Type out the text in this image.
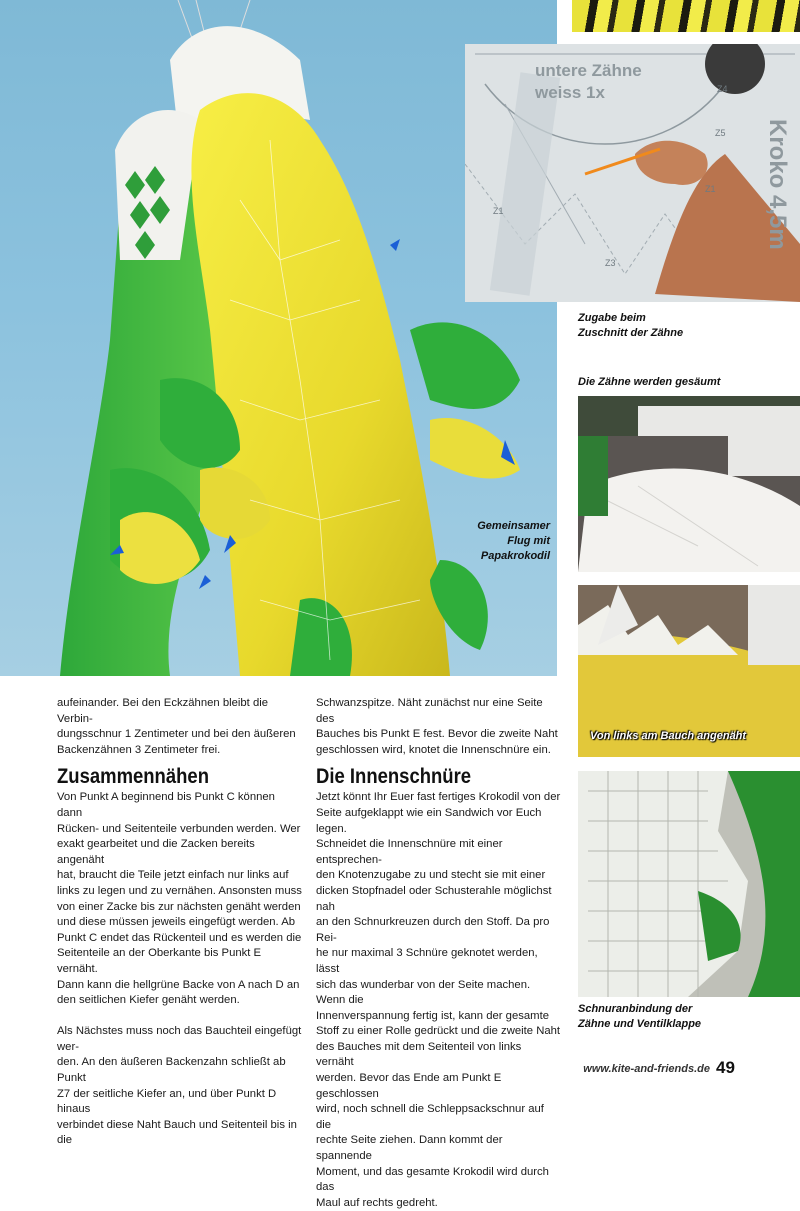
untere Zähne
weiss 1x
Kroko 4,5m
Z4
Z1
Z1
Z3
Z5
Zugabe beim
Zuschnitt der Zähne
Die Zähne werden gesäumt
Gemeinsamer
Flug mit
Papakrokodil
Von links am Bauch angenäht
Schnuranbindung der
Zähne und Ventilklappe

aufeinander. Bei den Eckzähnen bleibt die Verbin-
dungsschnur 1 Zentimeter und bei den äußeren
Backenzähnen 3 Zentimeter frei.

Zusammennähen

Von Punkt A beginnend bis Punkt C können dann
Rücken- und Seitenteile verbunden werden. Wer
exakt gearbeitet und die Zacken bereits angenäht
hat, braucht die Teile jetzt einfach nur links auf
links zu legen und zu vernähen. Ansonsten muss
von einer Zacke bis zur nächsten genäht werden
und diese müssen jeweils eingefügt werden. Ab
Punkt C endet das Rückenteil und es werden die
Seitenteile an der Oberkante bis Punkt E vernäht.
Dann kann die hellgrüne Backe von A nach D an
den seitlichen Kiefer genäht werden.

Als Nächstes muss noch das Bauchteil eingefügt wer-
den. An den äußeren Backenzahn schließt ab Punkt
Z7 der seitliche Kiefer an, und über Punkt D hinaus
verbindet diese Naht Bauch und Seitenteil bis in die

Schwanzspitze. Näht zunächst nur eine Seite des
Bauches bis Punkt E fest. Bevor die zweite Naht
geschlossen wird, knotet die Innenschnüre ein.

Die Innenschnüre

Jetzt könnt Ihr Euer fast fertiges Krokodil von der
Seite aufgeklappt wie ein Sandwich vor Euch legen.
Schneidet die Innenschnüre mit einer entsprechen-
den Knotenzugabe zu und stecht sie mit einer
dicken Stopfnadel oder Schusterahle möglichst nah
an den Schnurkreuzen durch den Stoff. Da pro Rei-
he nur maximal 3 Schnüre geknotet werden, lässt
sich das wunderbar von der Seite machen. Wenn die
Innenverspannung fertig ist, kann der gesamte
Stoff zu einer Rolle gedrückt und die zweite Naht
des Bauches mit dem Seitenteil von links vernäht
werden. Bevor das Ende am Punkt E geschlossen
wird, noch schnell die Schleppsackschnur auf die
rechte Seite ziehen. Dann kommt der spannende
Moment, und das gesamte Krokodil wird durch das
Maul auf rechts gedreht.

www.kite-and-friends.de 49
